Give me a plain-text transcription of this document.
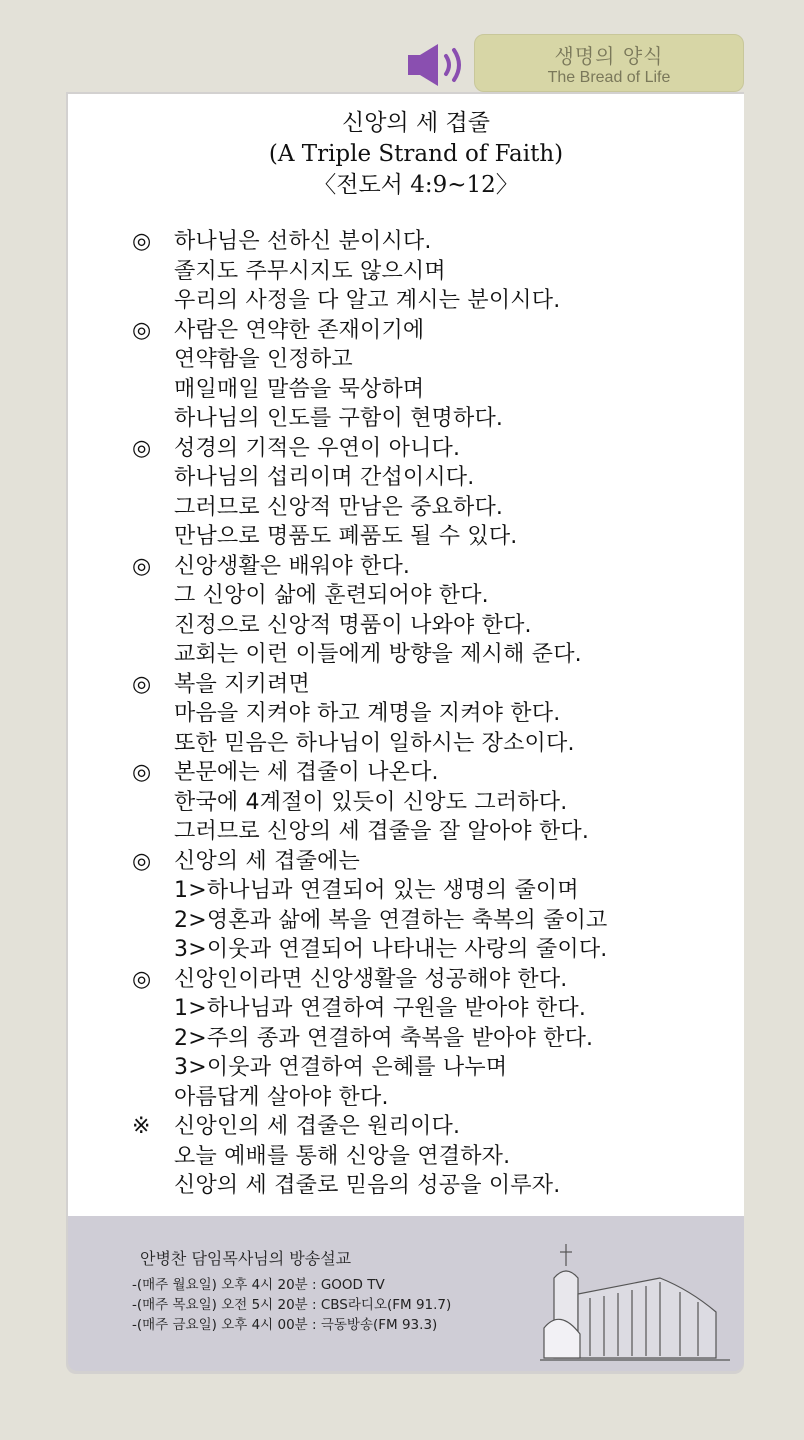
생명의 양식
The Bread of Life
신앙의 세 겹줄
(A Triple Strand of Faith)
〈전도서 4:9~12〉
◎	하나님은 선하신 분이시다.
졸지도 주무시지도 않으시며
우리의 사정을 다 알고 계시는 분이시다.
◎	사람은 연약한 존재이기에
연약함을 인정하고
매일매일 말씀을 묵상하며
하나님의 인도를 구함이 현명하다.
◎	성경의 기적은 우연이 아니다.
하나님의 섭리이며 간섭이시다.
그러므로 신앙적 만남은 중요하다.
만남으로 명품도 폐품도 될 수 있다.
◎	신앙생활은 배워야 한다.
그 신앙이 삶에 훈련되어야 한다.
진정으로 신앙적 명품이 나와야 한다.
교회는 이런 이들에게 방향을 제시해 준다.
◎	복을 지키려면
마음을 지켜야 하고 계명을 지켜야 한다.
또한 믿음은 하나님이 일하시는 장소이다.
◎	본문에는 세 겹줄이 나온다.
한국에 4계절이 있듯이 신앙도 그러하다.
그러므로 신앙의 세 겹줄을 잘 알아야 한다.
◎	신앙의 세 겹줄에는
1>하나님과 연결되어 있는 생명의 줄이며
2>영혼과 삶에 복을 연결하는 축복의 줄이고
3>이웃과 연결되어 나타내는 사랑의 줄이다.
◎	신앙인이라면 신앙생활을 성공해야 한다.
1>하나님과 연결하여 구원을 받아야 한다.
2>주의 종과 연결하여 축복을 받아야 한다.
3>이웃과 연결하여 은혜를 나누며
아름답게 살아야 한다.
※	신앙인의 세 겹줄은 원리이다.
오늘 예배를 통해 신앙을 연결하자.
신앙의 세 겹줄로 믿음의 성공을 이루자.
안병찬 담임목사님의 방송설교
-(매주 월요일) 오후 4시 20분 : GOOD TV
-(매주 목요일) 오전 5시 20분 : CBS라디오(FM 91.7)
-(매주 금요일) 오후 4시 00분 : 극동방송(FM 93.3)
